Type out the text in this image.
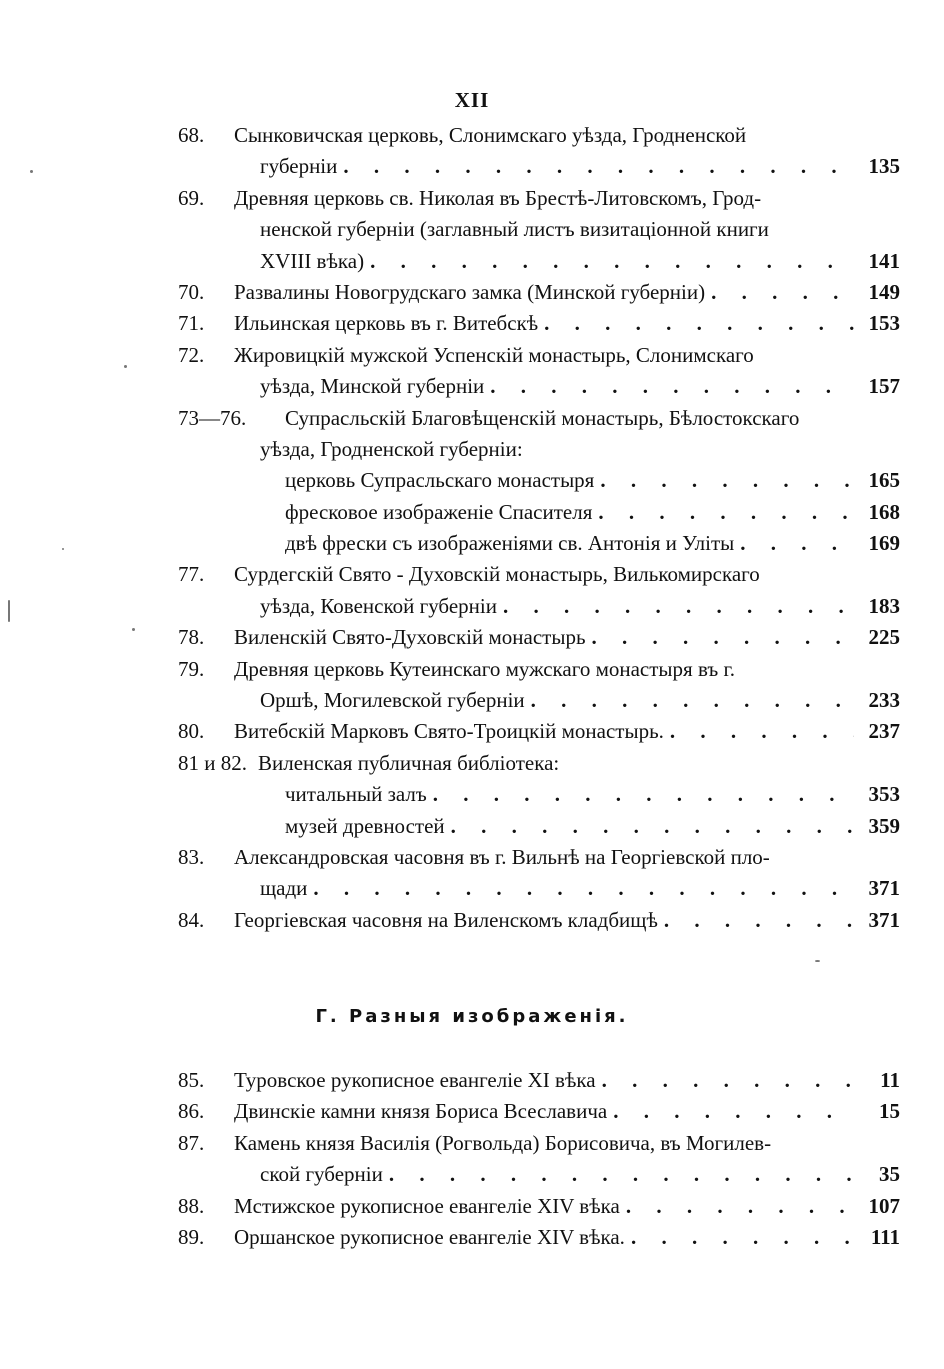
XII
68. Сынковичская церковь, Слонимскаго уѣзда, Гродненской
губерніи . . .	135
69. Древняя церковь св. Николая въ Брестѣ-Литовскомъ, Грод-
ненской губерніи (заглавный листъ визитаціонной книги
XVIII вѣка) . . .	141
70. Развалины Новогрудскаго замка (Минской губерніи) . . .	149
71. Ильинская церковь въ г. Витебскѣ . . .	153
72. Жировицкій мужской Успенскій монастырь, Слонимскаго
уѣзда, Минской губерніи . . .	157
73—76. Супрасльскій Благовѣщенскій монастырь, Бѣлостокскаго
уѣзда, Гродненской губерніи:
церковь Супрасльскаго монастыря . . .	165
фресковое изображеніе Спасителя . . .	168
двѣ фрески съ изображеніями св. Антонія и Уліты . . .	169
77. Сурдегскій Свято - Духовскій монастырь, Вилькомирскаго
уѣзда, Ковенской губерніи . . .	183
78. Виленскій Свято-Духовскій монастырь . . .	225
79. Древняя церковь Кутеинскаго мужскаго монастыря въ г.
Оршѣ, Могилевской губерніи . . .	233
80. Витебскій Марковъ Свято-Троицкій монастырь. . . .	237
81 и 82. Виленская публичная библіотека:
читальный залъ . . .	353
музей древностей . . .	359
83. Александровская часовня въ г. Вильнѣ на Георгіевской пло-
щади . . .	371
84. Георгіевская часовня на Виленскомъ кладбищѣ . . .	371
Г. Разныя изображенія.
85. Туровское рукописное евангеліе XI вѣка . . .	11
86. Двинскіе камни князя Бориса Всеславича . . .	15
87. Камень князя Василія (Рогвольда) Борисовича, въ Могилев-
ской губерніи . . .	35
88. Мстижское рукописное евангеліе XIV вѣка . . .	107
89. Оршанское рукописное евангеліе XIV вѣка. . . .	111
